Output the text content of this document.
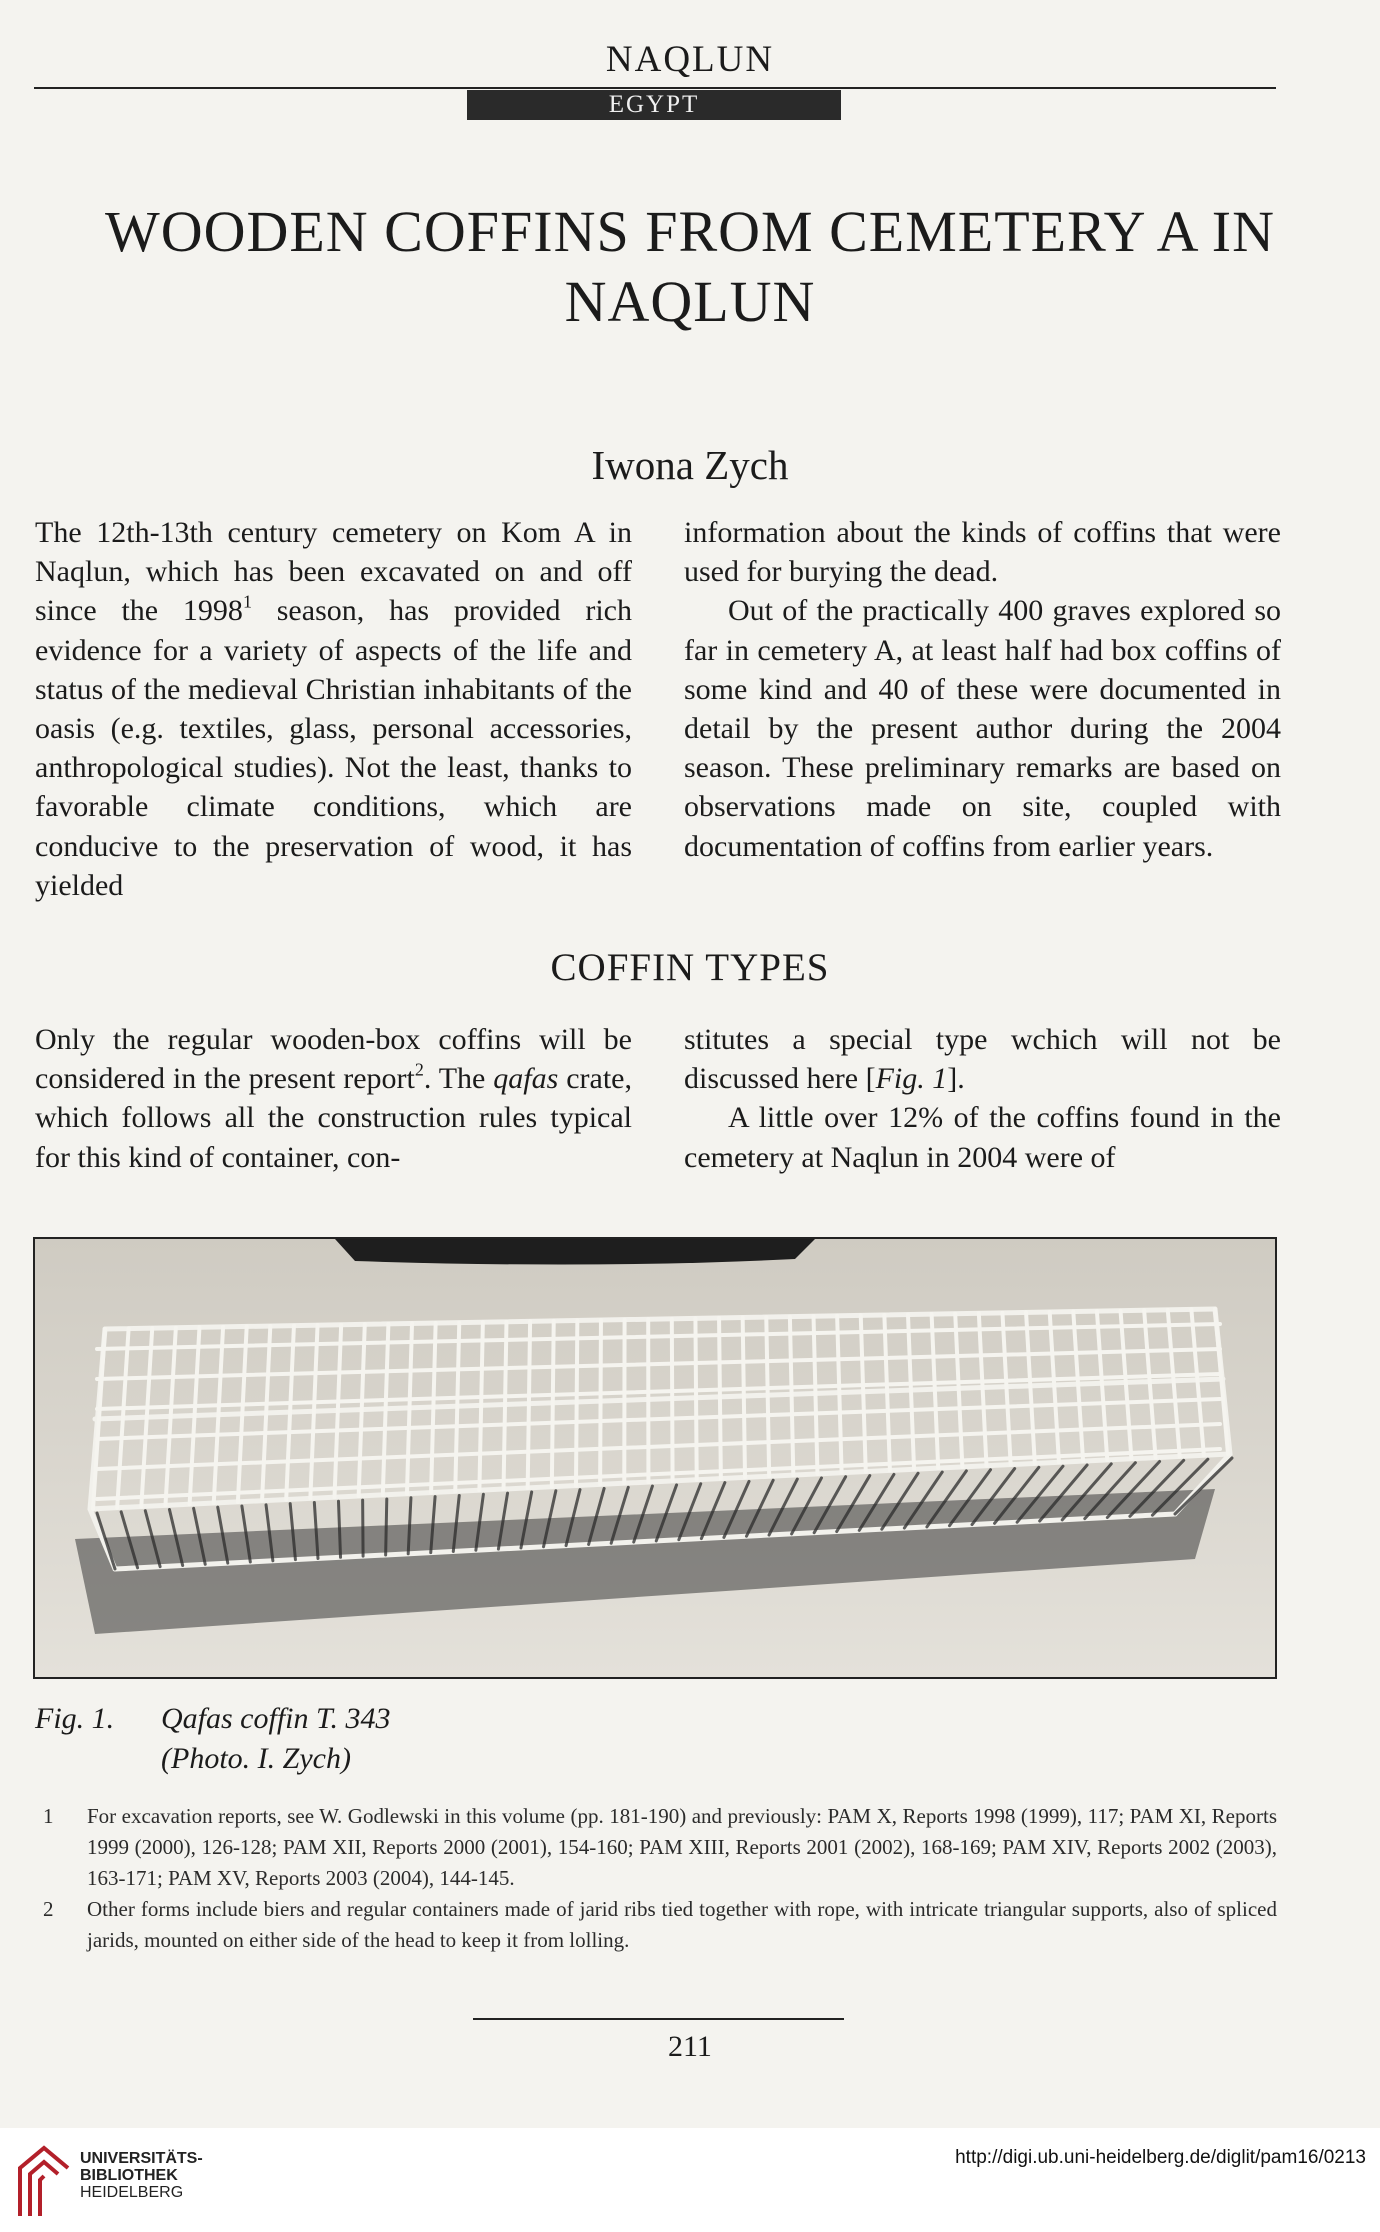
NAQLUN
EGYPT
WOODEN COFFINS FROM CEMETERY A IN NAQLUN
Iwona Zych

The 12th-13th century cemetery on Kom A in Naqlun, which has been excavated on and off since the 1998$^1$ season, has provided rich evidence for a variety of aspects of the life and status of the medieval Christian inhabitants of the oasis (e.g. textiles, glass, personal accessories, anthropological studies). Not the least, thanks to favorable climate conditions, which are conducive to the preservation of wood, it has yielded

information about the kinds of coffins that were used for burying the dead.

Out of the practically 400 graves explored so far in cemetery A, at least half had box coffins of some kind and 40 of these were documented in detail by the present author during the 2004 season. These preliminary remarks are based on observations made on site, coupled with documentation of coffins from earlier years.

COFFIN TYPES

Only the regular wooden-box coffins will be considered in the present report$^2$. The qafas crate, which follows all the construction rules typical for this kind of container, con-

stitutes a special type wchich will not be discussed here [Fig. 1].

A little over 12% of the coffins found in the cemetery at Naqlun in 2004 were of

Fig. 1. Qafas coffin T. 343
(Photo. I. Zych)
1 For excavation reports, see W. Godlewski in this volume (pp. 181-190) and previously: PAM X, Reports 1998 (1999), 117; PAM XI, Reports 1999 (2000), 126-128; PAM XII, Reports 2000 (2001), 154-160; PAM XIII, Reports 2001 (2002), 168-169; PAM XIV, Reports 2002 (2003), 163-171; PAM XV, Reports 2003 (2004), 144-145.
2 Other forms include biers and regular containers made of jarid ribs tied together with rope, with intricate triangular supports, also of spliced jarids, mounted on either side of the head to keep it from lolling.
211
UNIVERSITÄTS-
BIBLIOTHEK
HEIDELBERG
http://digi.ub.uni-heidelberg.de/diglit/pam16/0213
